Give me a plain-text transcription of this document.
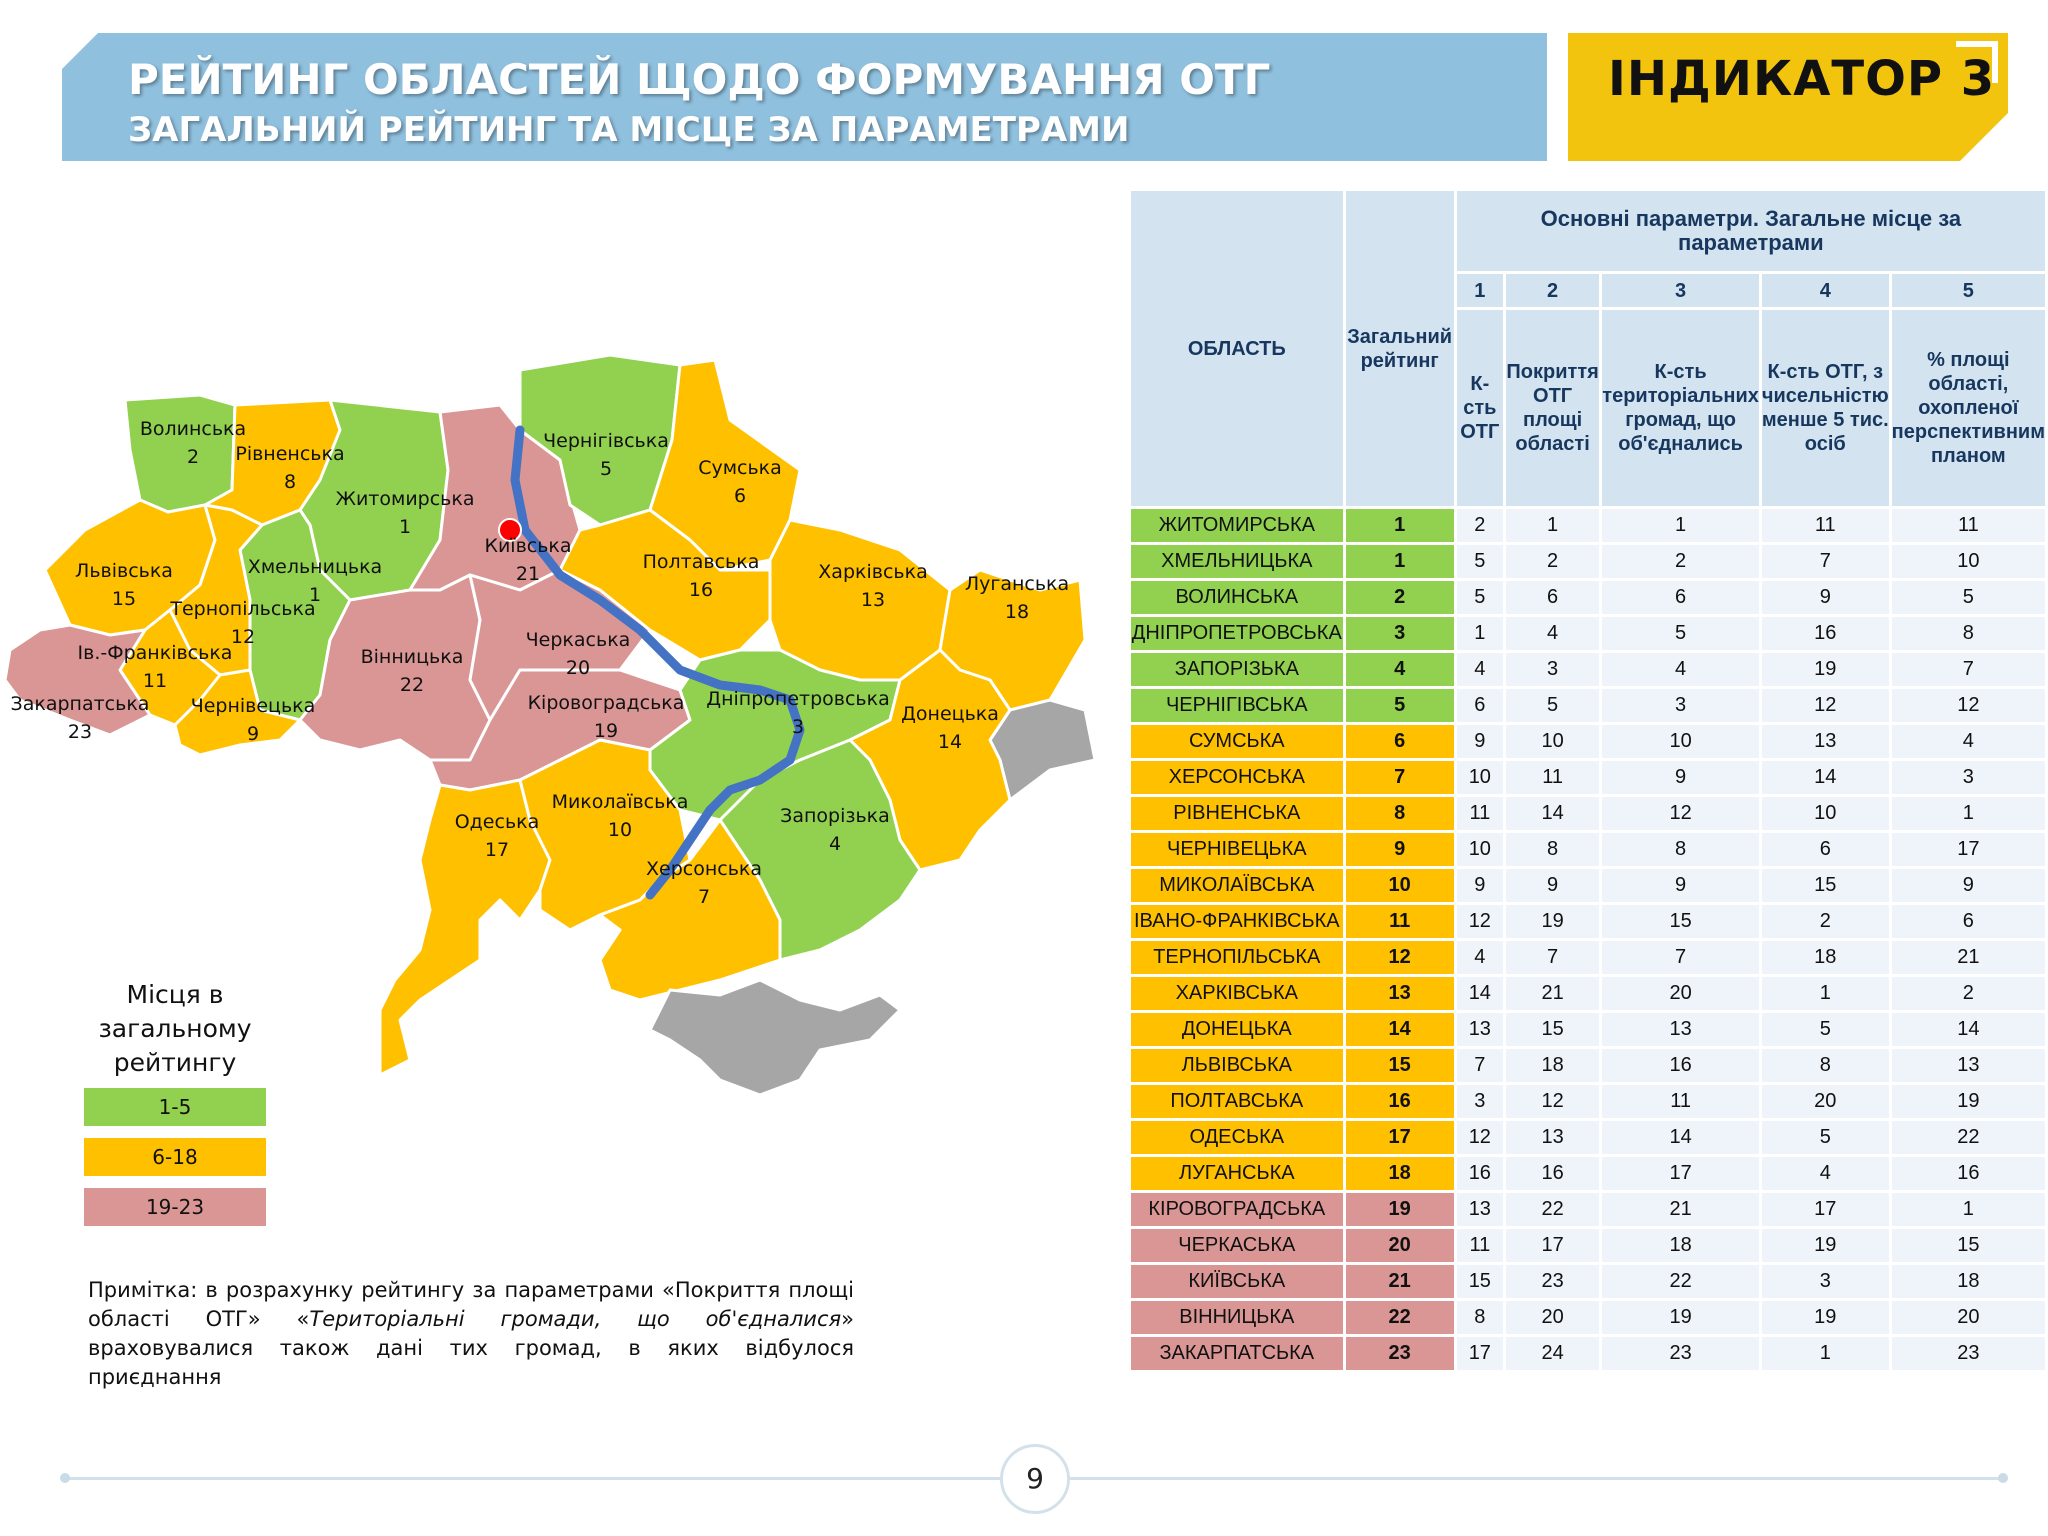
РЕЙТИНГ ОБЛАСТЕЙ ЩОДО ФОРМУВАННЯ ОТГ
ЗАГАЛЬНИЙ РЕЙТИНГ ТА МІСЦЕ ЗА ПАРАМЕТРАМИ
ІНДИКАТОР 3
Волинська 2	Рівненська 8
Житомирська 1
Київська 21
Чернігівська 5	Сумська 6
Львівська 15
Хмельницька 1
Тернопільська 12
Ів.-Франківська 11
Закарпатська 23
Чернівецька 9
Вінницька 22
Черкаська 20
Полтавська 16
Харківська 13
Луганська 18
Кіровоградська 19
Дніпропетровська 3
Донецька 14
Одеська 17
Миколаївська 10
Запорізька 4
Херсонська 7
Місця в загальному рейтингу
1-5
6-18
19-23
Примітка: в розрахунку рейтингу за параметрами «Покриття площі області ОТГ» «Територіальні громади, що об'єдналися» враховувалися також дані тих громад, в яких відбулося приєднання
ОБЛАСТЬ	Загальний рейтинг	Основні параметри. Загальне місце за параметрами				
		1	2	3	4	5
		К-сть ОТГ	Покриття ОТГ площі області	К-сть територіальних громад, що об'єднались	К-сть ОТГ, з чисельністю менше 5 тис. осіб	% площі області, охопленої перспективним планом
ЖИТОМИРСЬКА	1	2	1	1	11	11
ХМЕЛЬНИЦЬКА	1	5	2	2	7	10
ВОЛИНСЬКА	2	5	6	6	9	5
ДНІПРОПЕТРОВСЬКА	3	1	4	5	16	8
ЗАПОРІЗЬКА	4	4	3	4	19	7
ЧЕРНІГІВСЬКА	5	6	5	3	12	12
СУМСЬКА	6	9	10	10	13	4
ХЕРСОНСЬКА	7	10	11	9	14	3
РІВНЕНСЬКА	8	11	14	12	10	1
ЧЕРНІВЕЦЬКА	9	10	8	8	6	17
МИКОЛАЇВСЬКА	10	9	9	9	15	9
ІВАНО-ФРАНКІВСЬКА	11	12	19	15	2	6
ТЕРНОПІЛЬСЬКА	12	4	7	7	18	21
ХАРКІВСЬКА	13	14	21	20	1	2
ДОНЕЦЬКА	14	13	15	13	5	14
ЛЬВІВСЬКА	15	7	18	16	8	13
ПОЛТАВСЬКА	16	3	12	11	20	19
ОДЕСЬКА	17	12	13	14	5	22
ЛУГАНСЬКА	18	16	16	17	4	16
КІРОВОГРАДСЬКА	19	13	22	21	17	1
ЧЕРКАСЬКА	20	11	17	18	19	15
КИЇВСЬКА	21	15	23	22	3	18
ВІННИЦЬКА	22	8	20	19	19	20
ЗАКАРПАТСЬКА	23	17	24	23	1	23
9
